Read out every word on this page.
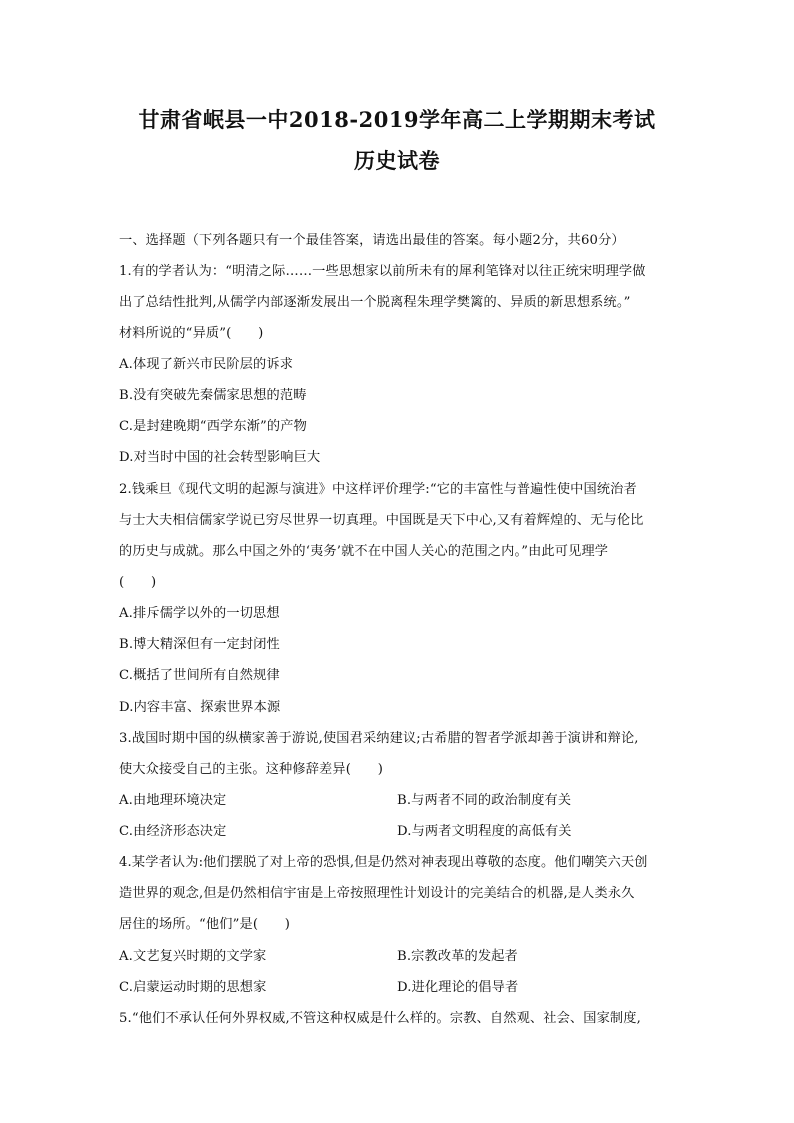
甘肃省岷县一中2018-2019学年高二上学期期末考试
历史试卷
一、选择题（下列各题只有一个最佳答案，请选出最佳的答案。每小题2分，共60分）
1.有的学者认为：“明清之际……一些思想家以前所未有的犀利笔锋对以往正统宋明理学做
出了总结性批判,从儒学内部逐渐发展出一个脱离程朱理学樊篱的、异质的新思想系统。”
材料所说的“异质”(　　)
A.体现了新兴市民阶层的诉求
B.没有突破先秦儒家思想的范畴
C.是封建晚期“西学东渐”的产物
D.对当时中国的社会转型影响巨大
2.钱乘旦《现代文明的起源与演进》中这样评价理学:“它的丰富性与普遍性使中国统治者
与士大夫相信儒家学说已穷尽世界一切真理。中国既是天下中心,又有着辉煌的、无与伦比
的历史与成就。那么中国之外的‘夷务’就不在中国人关心的范围之内。”由此可见理学
(　　)
A.排斥儒学以外的一切思想
B.博大精深但有一定封闭性
C.概括了世间所有自然规律
D.内容丰富、探索世界本源
3.战国时期中国的纵横家善于游说,使国君采纳建议;古希腊的智者学派却善于演讲和辩论,
使大众接受自己的主张。这种修辞差异(　　)
A.由地理环境决定	B.与两者不同的政治制度有关
C.由经济形态决定	D.与两者文明程度的高低有关
4.某学者认为:他们摆脱了对上帝的恐惧,但是仍然对神表现出尊敬的态度。他们嘲笑六天创
造世界的观念,但是仍然相信宇宙是上帝按照理性计划设计的完美结合的机器,是人类永久
居住的场所。“他们”是(　　)
A.文艺复兴时期的文学家	B.宗教改革的发起者
C.启蒙运动时期的思想家	D.进化理论的倡导者
5.“他们不承认任何外界权威,不管这种权威是什么样的。宗教、自然观、社会、国家制度,
